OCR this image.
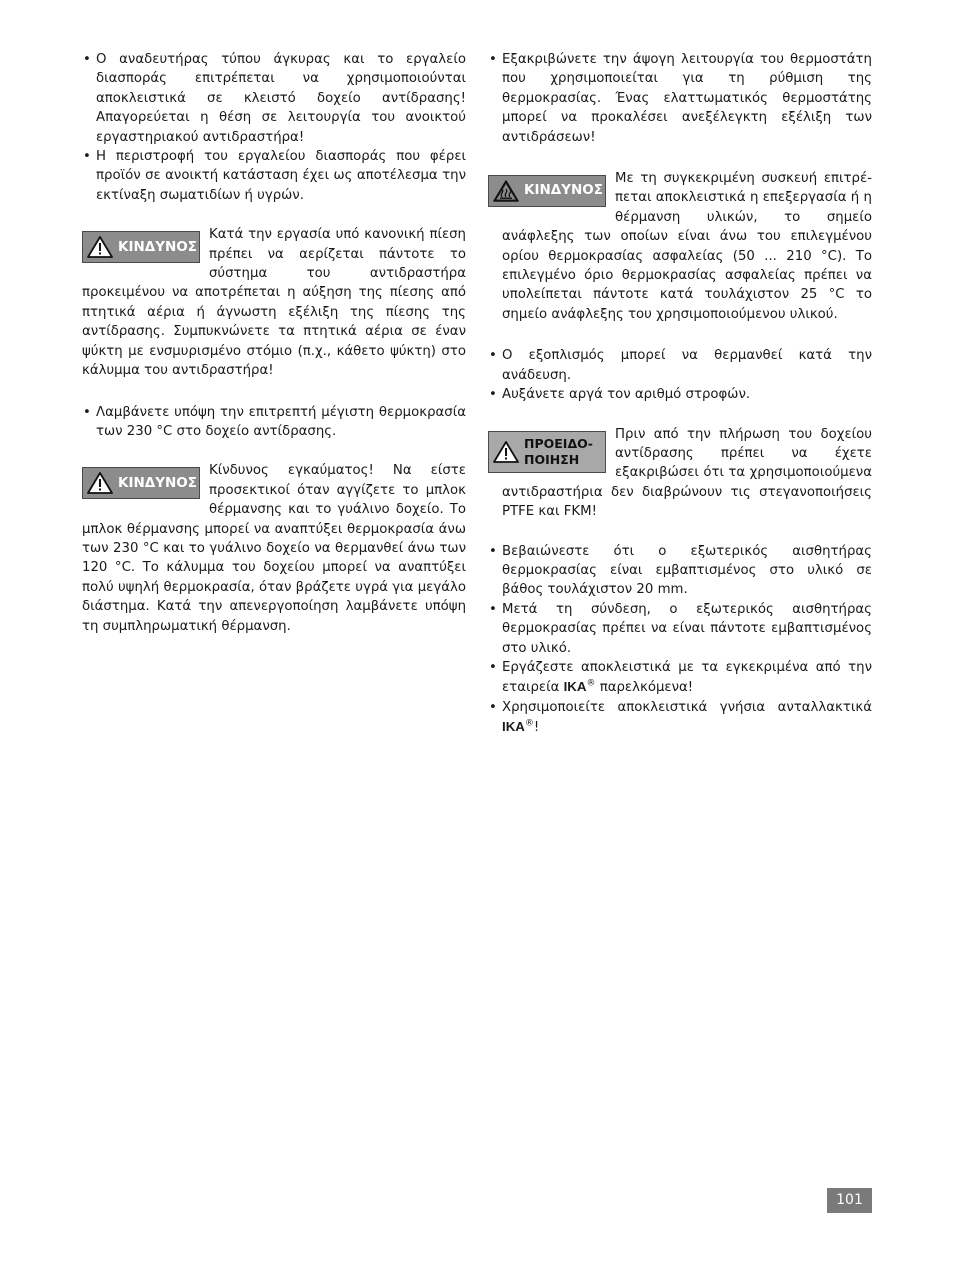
• Ο αναδευτήρας τύπου άγκυρας και το εργαλείο διασποράς επιτρέπεται να χρησιμοποιούνται αποκλειστικά σε κλειστό δοχείο αντίδρασης! Απαγορεύεται η θέση σε λειτουργία του ανοικτού εργαστηριακού αντιδραστήρα!
• Η περιστροφή του εργαλείου διασποράς που φέρει προϊόν σε ανοικτή κατάσταση έχει ως αποτέλεσμα την εκτίναξη σωματιδίων ή υγρών.
ΚΙΝΔΥΝΟΣ
Κατά την εργασία υπό κανονική πίεση πρέπει να αερίζεται πάντοτε το σύστημα του αντιδραστήρα προκειμένου να αποτρέπεται η αύξηση της πίεσης από πτητικά αέρια ή άγνωστη εξέλιξη της πίεσης της αντίδρασης. Συμπυκνώνετε τα πτητικά αέρια σε έναν ψύκτη με ενσμυρισμένο στόμιο (π.χ., κάθετο ψύκτη) στο κάλυμμα του αντιδραστήρα!
• Λαμβάνετε υπόψη την επιτρεπτή μέγιστη θερμοκρασία των 230 °C στο δοχείο αντίδρασης.
ΚΙΝΔΥΝΟΣ
Κίνδυνος εγκαύματος! Να είστε προσεκτικοί όταν αγγίζετε το μπλοκ θέρμανσης και το γυάλινο δοχείο. Το μπλοκ θέρμανσης μπορεί να αναπτύξει θερμοκρασία άνω των 230 °C και το γυάλινο δοχείο να θερμανθεί άνω των 120 °C. Το κάλυμμα του δοχείου μπορεί να αναπτύξει πολύ υψηλή θερμοκρασία, όταν βράζετε υγρά για μεγάλο διάστημα. Κατά την απενεργοποίηση λαμβάνετε υπόψη τη συμπληρωματική θέρμανση.
• Εξακριβώνετε την άψογη λειτουργία του θερμοστάτη που χρησιμοποιείται για τη ρύθμιση της θερμοκρασίας. Ένας ελαττωματικός θερμοστάτης μπορεί να προκαλέσει ανεξέλεγκτη εξέλιξη των αντιδράσεων!
ΚΙΝΔΥΝΟΣ
Με τη συγκεκριμένη συσκευή επιτρέπεται αποκλειστικά η επεξεργασία ή η θέρμανση υλικών, το σημείο ανάφλεξης των οποίων είναι άνω του επιλεγμένου ορίου θερμοκρασίας ασφαλείας (50 ... 210 °C). Το επιλεγμένο όριο θερμοκρασίας ασφαλείας πρέπει να υπολείπεται πάντοτε κατά τουλάχιστον 25 °C το σημείο ανάφλεξης του χρησιμοποιούμενου υλικού.
• Ο εξοπλισμός μπορεί να θερμανθεί κατά την ανάδευση.
• Αυξάνετε αργά τον αριθμό στροφών.
ΠΡΟΕΙΔΟ-
ΠΟΙΗΣΗ
Πριν από την πλήρωση του δοχείου αντίδρασης πρέπει να έχετε εξακριβώσει ότι τα χρησιμοποιούμενα αντιδραστήρια δεν διαβρώνουν τις στεγανοποιήσεις PTFE και FKM!
• Βεβαιώνεστε ότι ο εξωτερικός αισθητήρας θερμοκρασίας είναι εμβαπτισμένος στο υλικό σε βάθος τουλάχιστον 20 mm.
• Μετά τη σύνδεση, ο εξωτερικός αισθητήρας θερμοκρασίας πρέπει να είναι πάντοτε εμβαπτισμένος στο υλικό.
• Εργάζεστε αποκλειστικά με τα εγκεκριμένα από την εταιρεία IKA® παρελκόμενα!
• Χρησιμοποιείτε αποκλειστικά γνήσια ανταλλακτικά IKA®!
101
